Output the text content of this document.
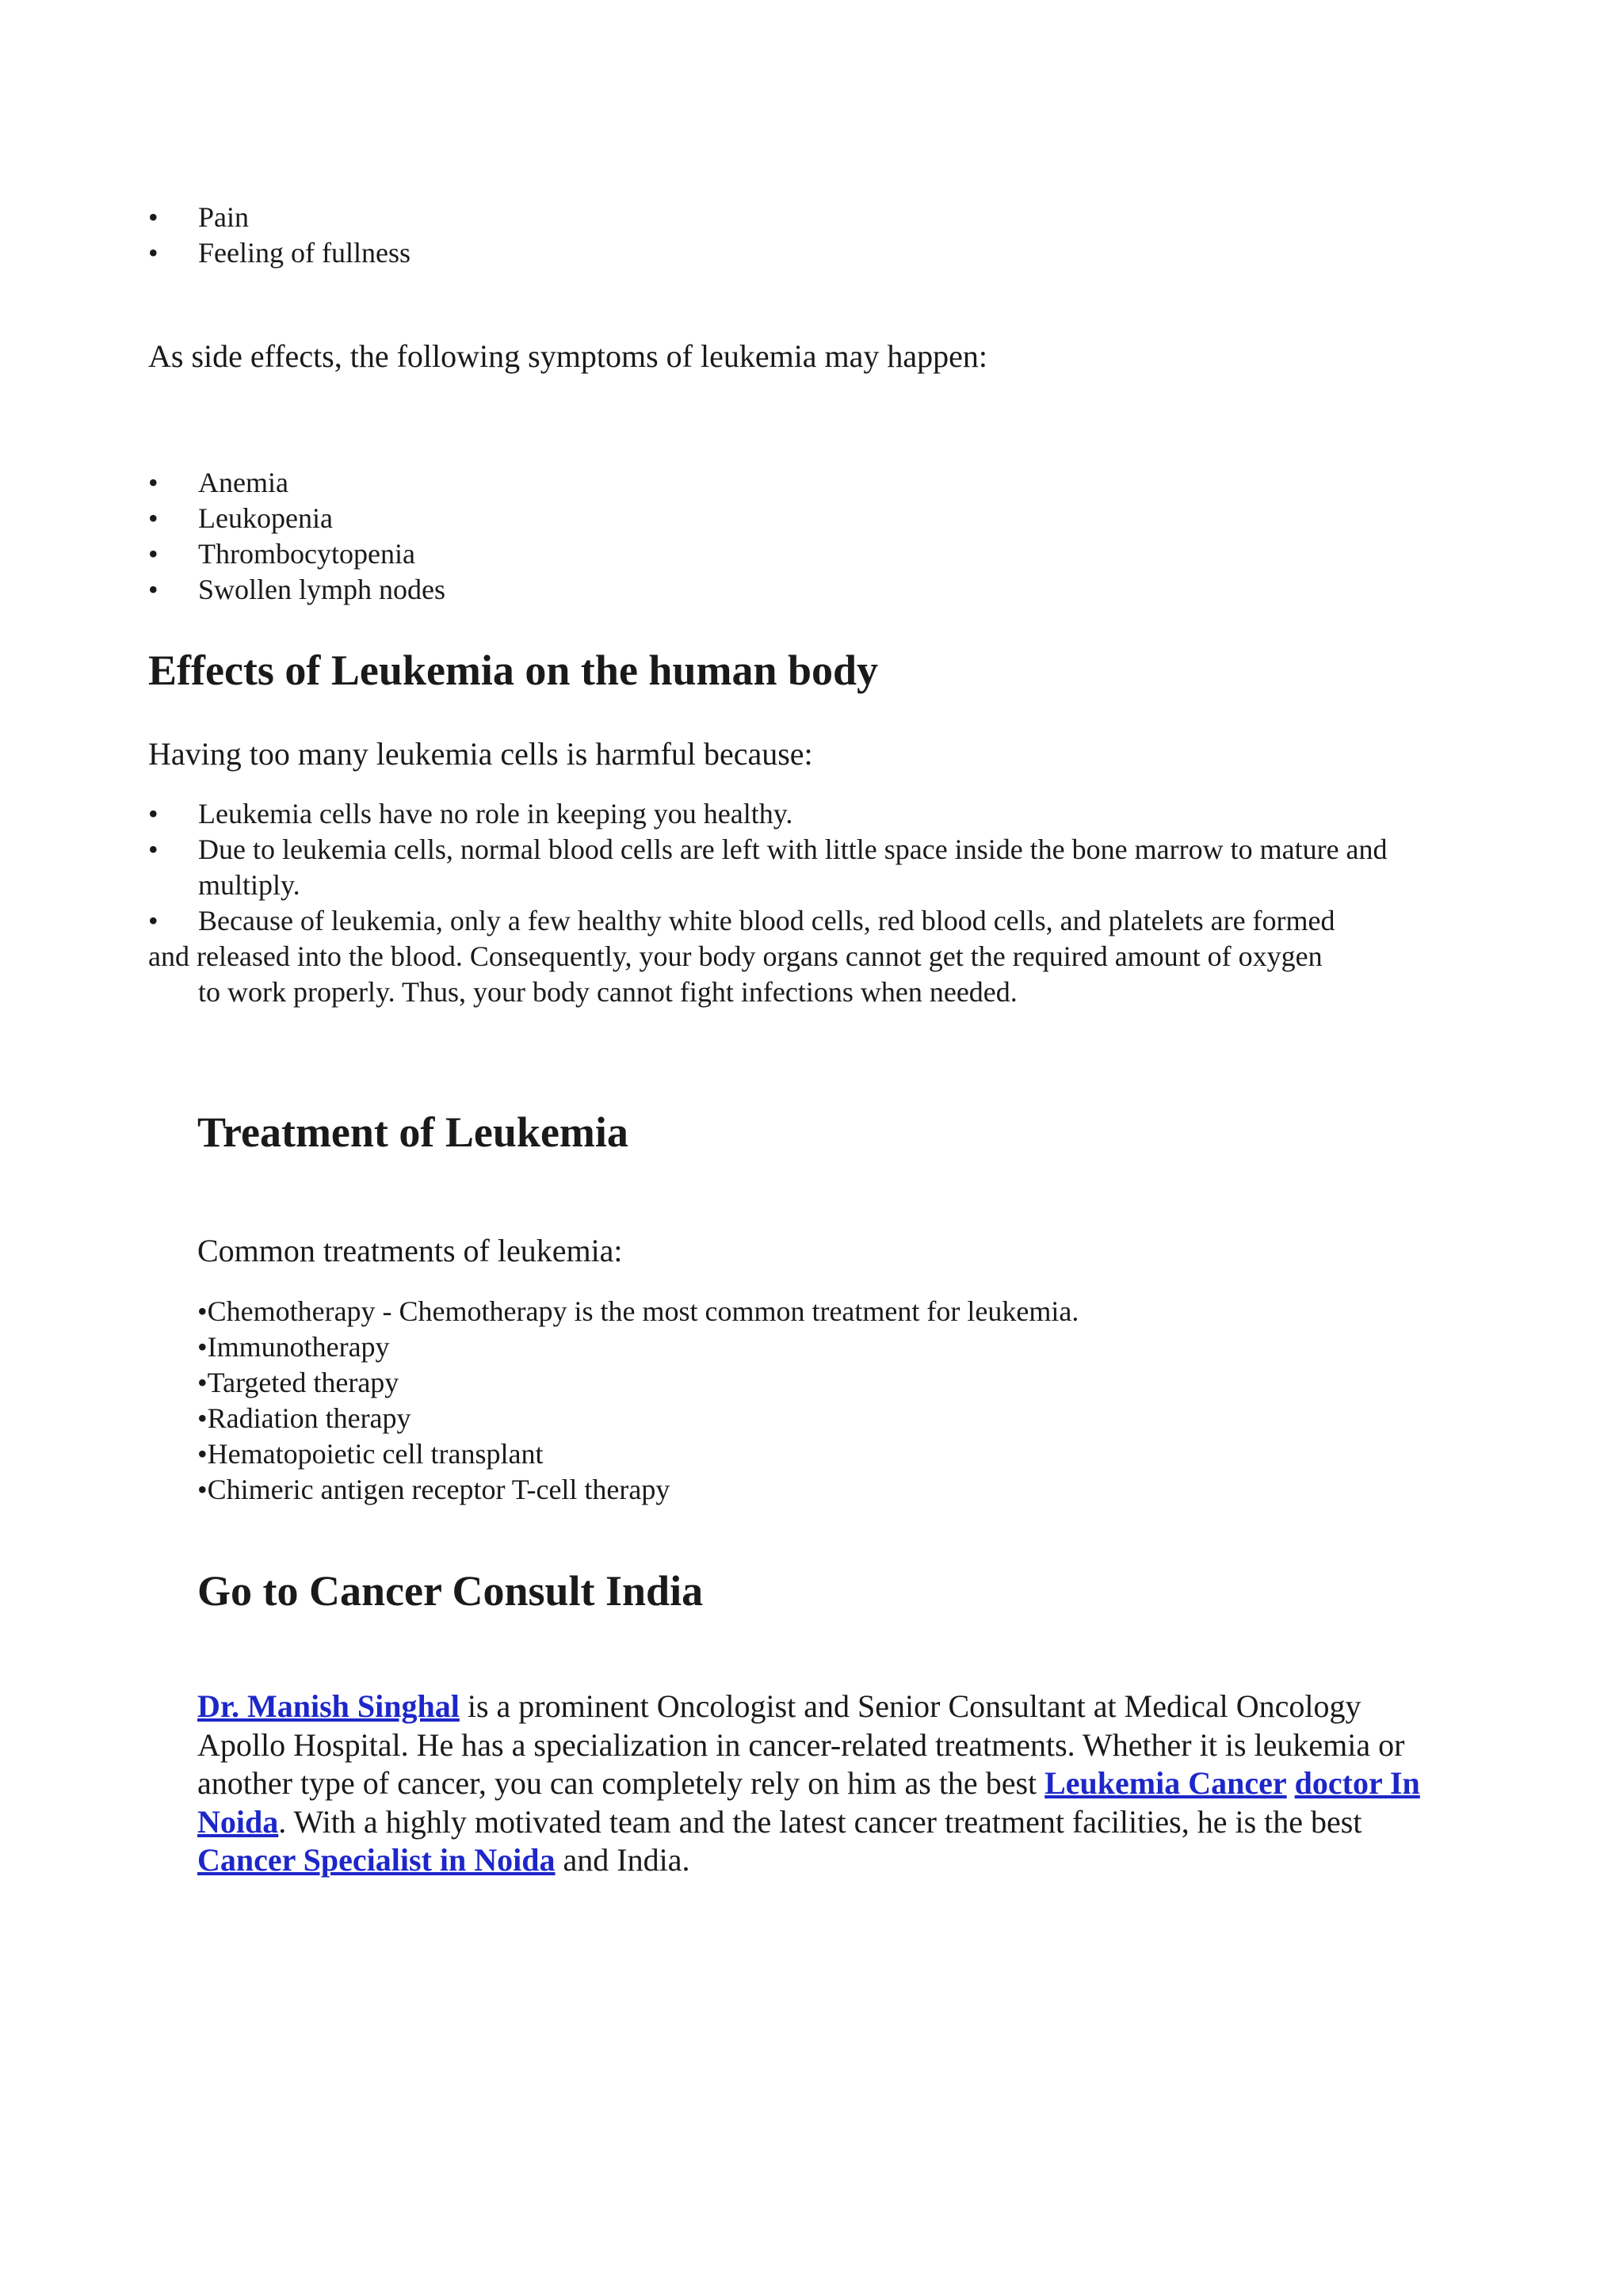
• Pain
• Feeling of fullness

As side effects, the following symptoms of leukemia may happen:

• Anemia
• Leukopenia
• Thrombocytopenia
• Swollen lymph nodes
Effects of Leukemia on the human body

Having too many leukemia cells is harmful because:

• Leukemia cells have no role in keeping you healthy.
• Due to leukemia cells, normal blood cells are left with little space inside the bone marrow to mature and multiply.
• Because of leukemia, only a few healthy white blood cells, red blood cells, and platelets are formed
and released into the blood. Consequently, your body organs cannot get the required amount of oxygen
to work properly. Thus, your body cannot fight infections when needed.
Treatment of Leukemia

Common treatments of leukemia:

•Chemotherapy - Chemotherapy is the most common treatment for leukemia.
•Immunotherapy
•Targeted therapy
•Radiation therapy
•Hematopoietic cell transplant
•Chimeric antigen receptor T-cell therapy
Go to Cancer Consult India

Dr. Manish Singhal is a prominent Oncologist and Senior Consultant at Medical Oncology Apollo Hospital. He has a specialization in cancer-related treatments. Whether it is leukemia or another type of cancer, you can completely rely on him as the best Leukemia Cancer doctor In Noida. With a highly motivated team and the latest cancer treatment facilities, he is the best Cancer Specialist in Noida and India.
